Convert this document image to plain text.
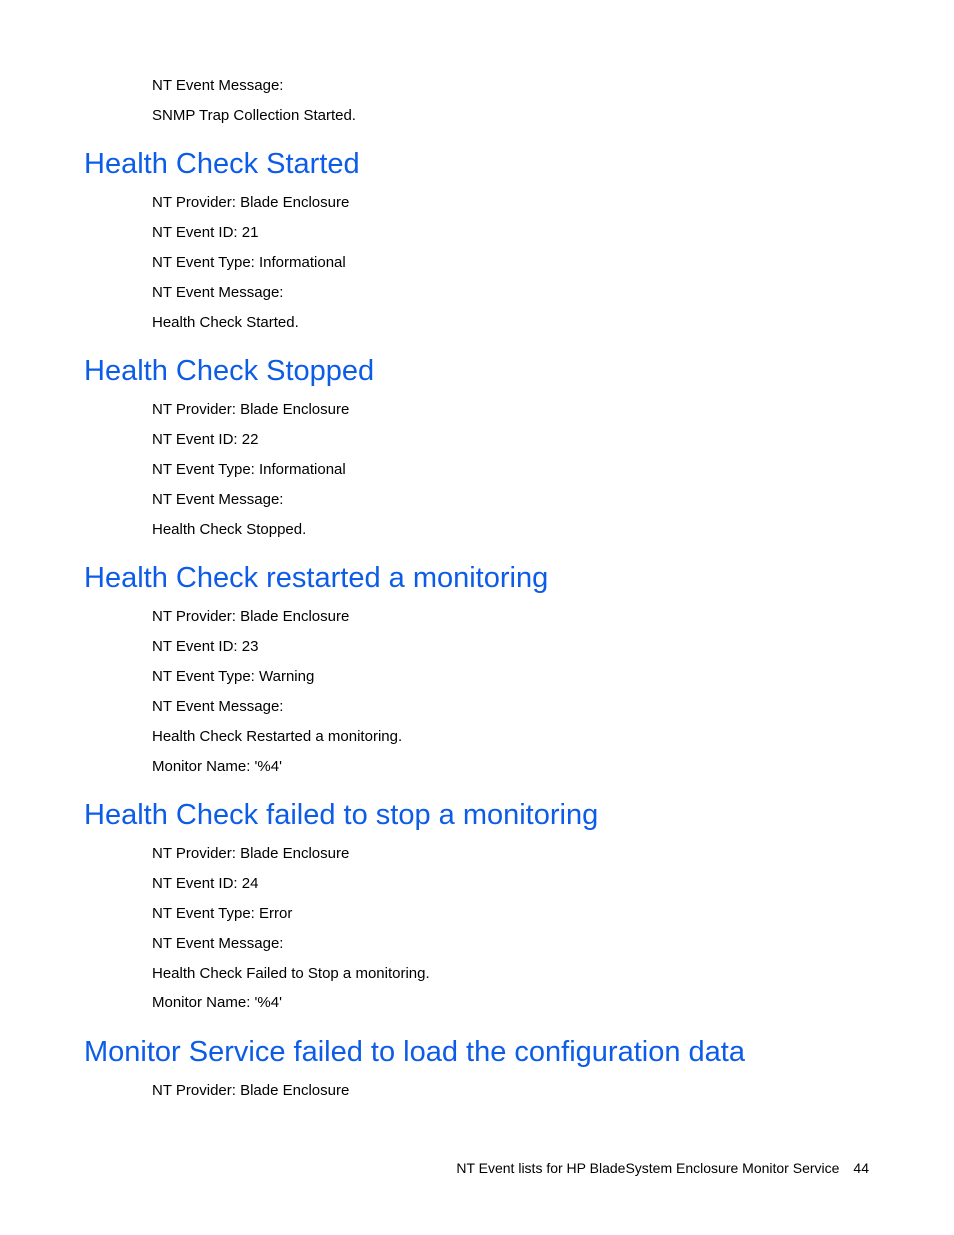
NT Event Message:
SNMP Trap Collection Started.
Health Check Started
NT Provider: Blade Enclosure
NT Event ID: 21
NT Event Type: Informational
NT Event Message:
Health Check Started.
Health Check Stopped
NT Provider: Blade Enclosure
NT Event ID: 22
NT Event Type: Informational
NT Event Message:
Health Check Stopped.
Health Check restarted a monitoring
NT Provider: Blade Enclosure
NT Event ID: 23
NT Event Type: Warning
NT Event Message:
Health Check Restarted a monitoring.
Monitor Name: '%4'
Health Check failed to stop a monitoring
NT Provider: Blade Enclosure
NT Event ID: 24
NT Event Type: Error
NT Event Message:
Health Check Failed to Stop a monitoring.
Monitor Name: '%4'
Monitor Service failed to load the configuration data
NT Provider: Blade Enclosure
NT Event lists for HP BladeSystem Enclosure Monitor Service 44
